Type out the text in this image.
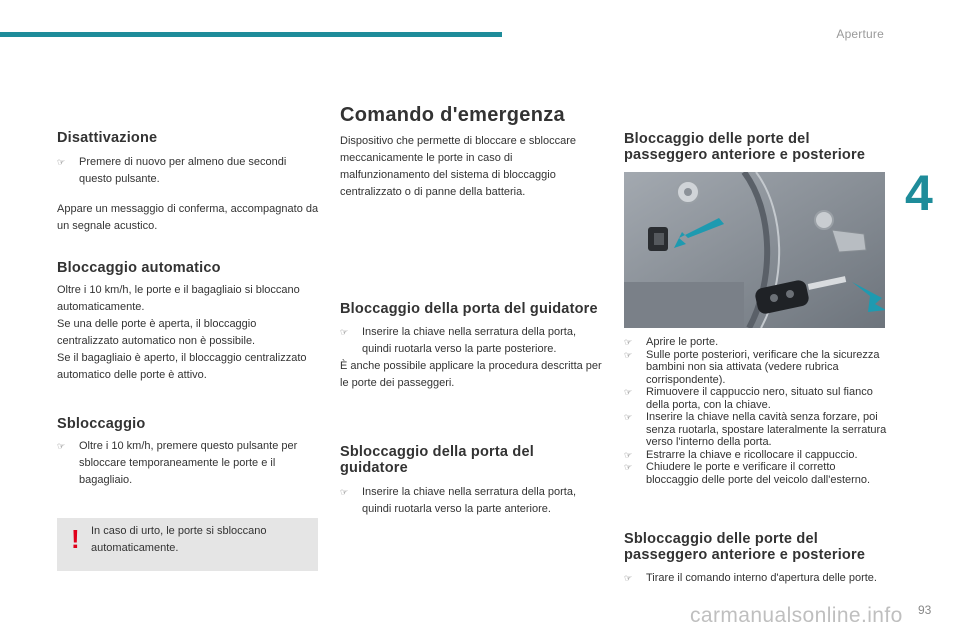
Aperture
4
Disattivazione
☞	Premere di nuovo per almeno due secondi questo pulsante.

Appare un messaggio di conferma, accompagnato da un segnale acustico.

Bloccaggio automatico

Oltre i 10 km/h, le porte e il bagagliaio si bloccano automaticamente.

Se una delle porte è aperta, il bloccaggio centralizzato automatico non è possibile.

Se il bagagliaio è aperto, il bloccaggio centralizzato automatico delle porte è attivo.

Sbloccaggio
☞	Oltre i 10 km/h, premere questo pulsante per sbloccare temporaneamente le porte e il bagagliaio.
! In caso di urto, le porte si sbloccano automaticamente.
Comando d'emergenza

Dispositivo che permette di bloccare e sbloccare meccanicamente le porte in caso di malfunzionamento del sistema di bloccaggio centralizzato o di panne della batteria.

Bloccaggio della porta del guidatore
☞	Inserire la chiave nella serratura della porta, quindi ruotarla verso la parte posteriore.

È anche possibile applicare la procedura descritta per le porte dei passeggeri.

Sbloccaggio della porta del guidatore
☞	Inserire la chiave nella serratura della porta, quindi ruotarla verso la parte anteriore.
Bloccaggio delle porte del passeggero anteriore e posteriore
☞	Aprire le porte.
☞	Sulle porte posteriori, verificare che la sicurezza bambini non sia attivata (vedere rubrica corrispondente).
☞	Rimuovere il cappuccio nero, situato sul fianco della porta, con la chiave.
☞	Inserire la chiave nella cavità senza forzare, poi senza ruotarla, spostare lateralmente la serratura verso l'interno della porta.
☞	Estrarre la chiave e ricollocare il cappuccio.
☞	Chiudere le porte e verificare il corretto bloccaggio delle porte del veicolo dall'esterno.
Sbloccaggio delle porte del passeggero anteriore e posteriore
☞	Tirare il comando interno d'apertura delle porte.
carmanualsonline.info 93
